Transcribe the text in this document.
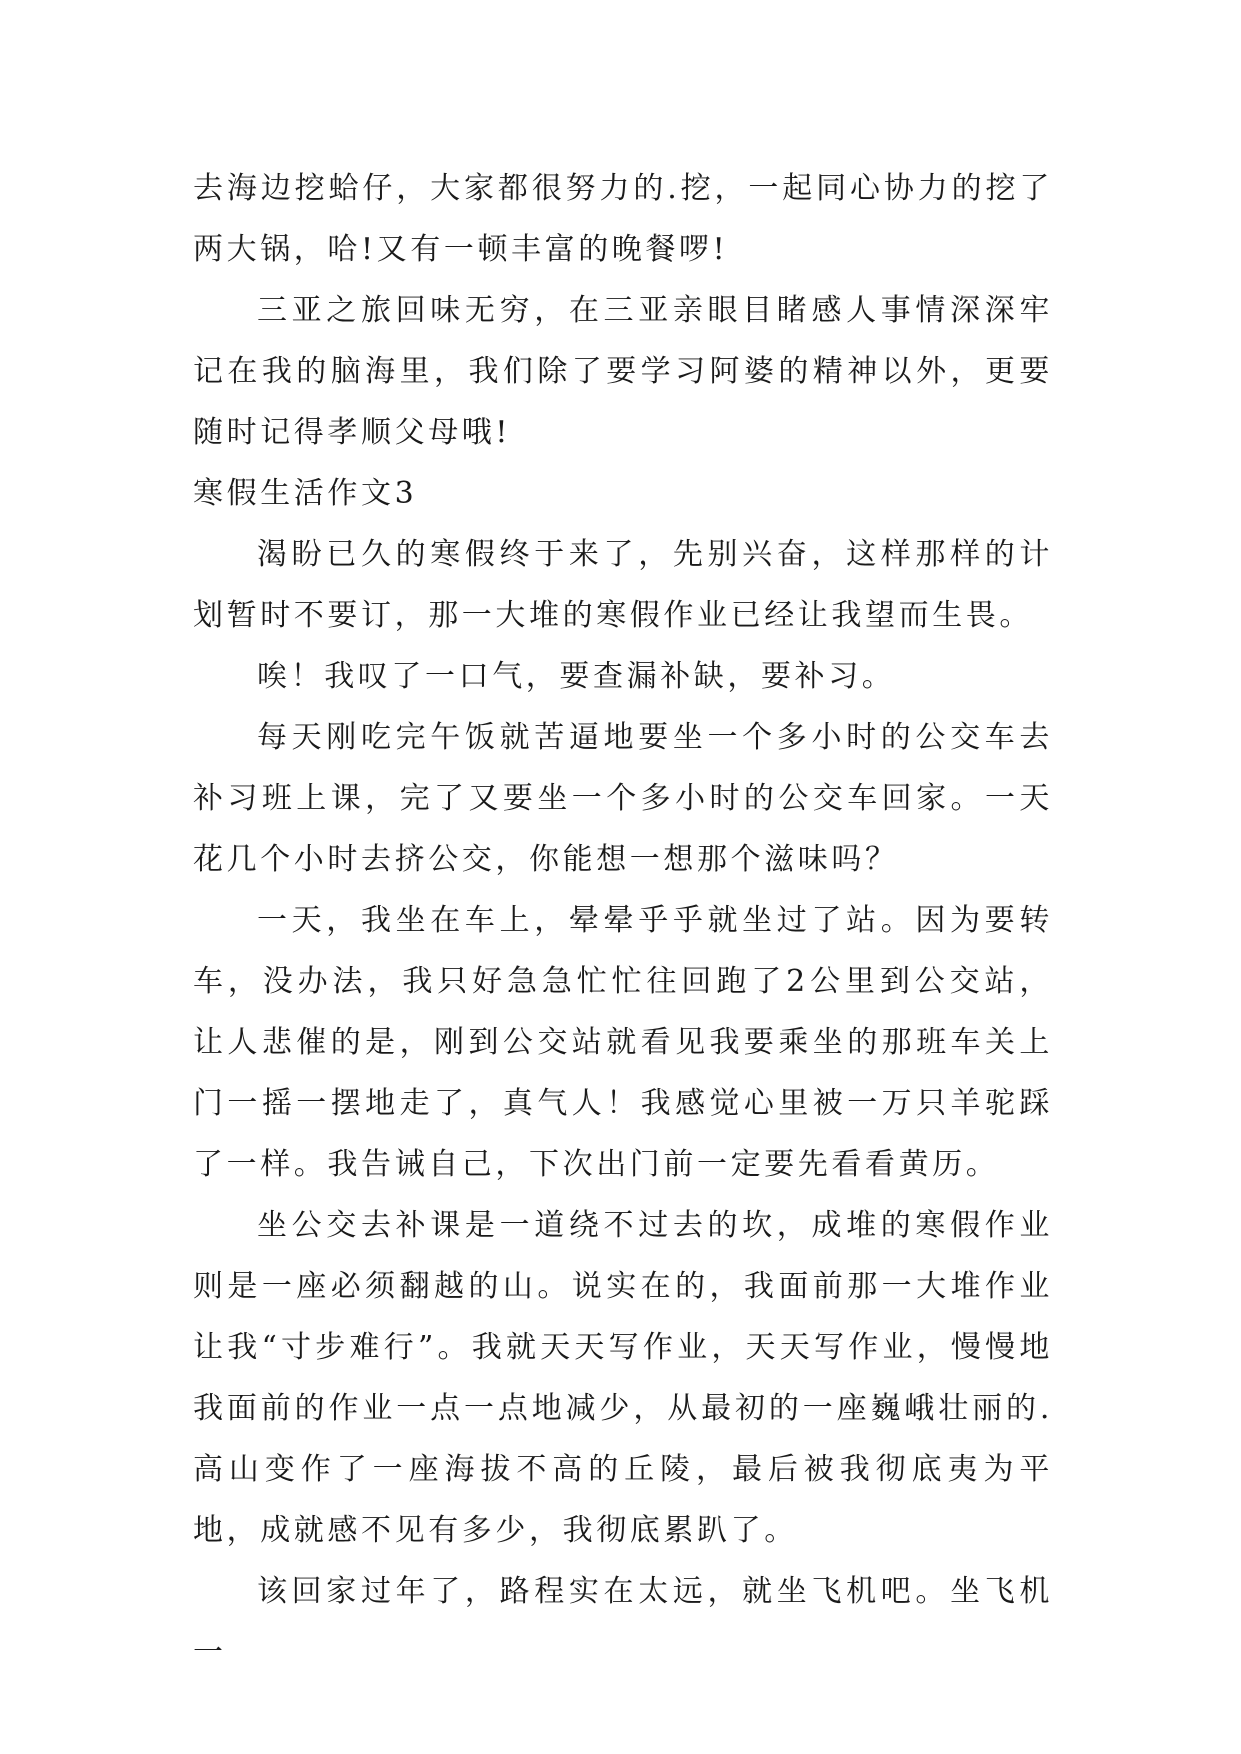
去海边挖蛤仔，大家都很努力的.挖，一起同心协力的挖了两大锅，哈!又有一顿丰富的晚餐啰!

三亚之旅回味无穷，在三亚亲眼目睹感人事情深深牢记在我的脑海里，我们除了要学习阿婆的精神以外，更要随时记得孝顺父母哦!

寒假生活作文3

渴盼已久的寒假终于来了，先别兴奋，这样那样的计划暂时不要订，那一大堆的寒假作业已经让我望而生畏。

唉！我叹了一口气，要查漏补缺，要补习。

每天刚吃完午饭就苦逼地要坐一个多小时的公交车去补习班上课，完了又要坐一个多小时的公交车回家。一天花几个小时去挤公交，你能想一想那个滋味吗？

一天，我坐在车上，晕晕乎乎就坐过了站。因为要转车，没办法，我只好急急忙忙往回跑了2公里到公交站，让人悲催的是，刚到公交站就看见我要乘坐的那班车关上门一摇一摆地走了，真气人！我感觉心里被一万只羊驼踩了一样。我告诫自己，下次出门前一定要先看看黄历。

坐公交去补课是一道绕不过去的坎，成堆的寒假作业则是一座必须翻越的山。说实在的，我面前那一大堆作业让我“寸步难行”。我就天天写作业，天天写作业，慢慢地我面前的作业一点一点地减少，从最初的一座巍峨壮丽的.高山变作了一座海拔不高的丘陵，最后被我彻底夷为平地，成就感不见有多少，我彻底累趴了。

该回家过年了，路程实在太远，就坐飞机吧。坐飞机一
